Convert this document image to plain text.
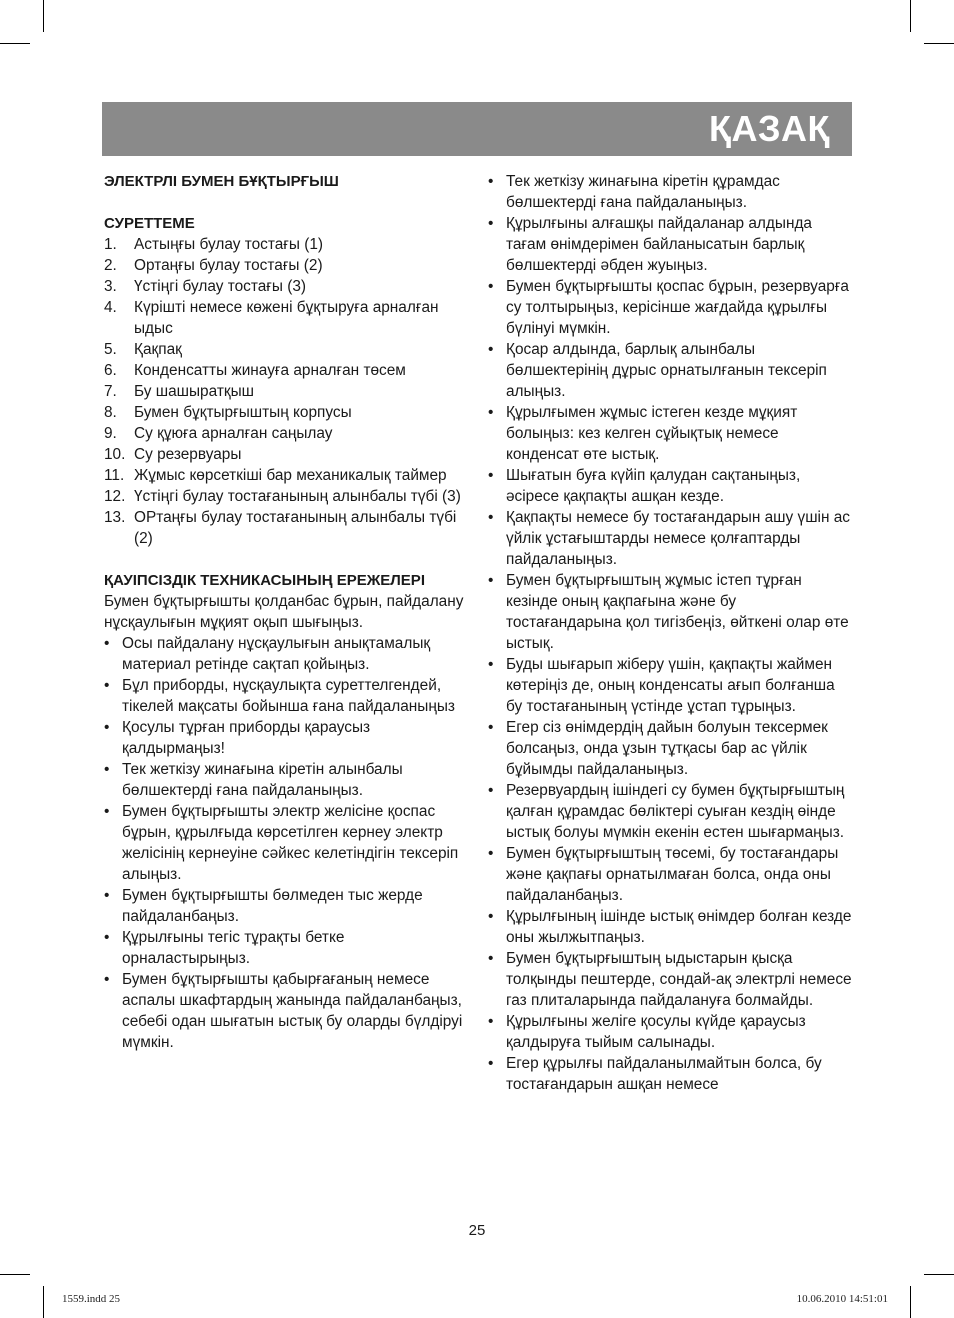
ҚАЗАҚ

ЭЛЕКТРЛІ БУМЕН БҰҚТЫРҒЫШ

СУРЕТТЕМЕ

1. Астыңғы булау тостағы (1)
2. Ортаңғы булау тостағы (2)
3. Үстіңгі булау тостағы (3)
4. Күрішті немесе көжені бұқтыруға арналған ыдыс
5. Қақпақ
6. Конденсатты жинауға арналған төсем
7. Бу шашыратқыш
8. Бумен бұқтырғыштың корпусы
9. Су құюға арналған саңылау
10. Су резервуары
11. Жұмыс көрсеткіші бар механикалық таймер
12. Үстіңгі булау тостағанының алынбалы түбі (3)
13. ОРтаңғы булау тостағанының алынбалы түбі (2)

ҚАУІПСІЗДІК ТЕХНИКАСЫНЫҢ ЕРЕЖЕЛЕРІ

Бумен бұқтырғышты қолданбас бұрын, пайдалану нұсқаулығын мұқият оқып шығыңыз.

• Осы пайдалану нұсқаулығын анықтамалық материал ретінде сақтап қойыңыз.
• Бұл приборды, нұсқаулықта суреттелгендей, тікелей мақсаты бойынша ғана пайдаланыңыз
• Қосулы тұрған приборды қараусыз қалдырмаңыз!
• Тек жеткізу жинағына кіретін алынбалы бөлшектерді ғана пайдаланыңыз.
• Бумен бұқтырғышты электр желісіне қоспас бұрын, құрылғыда көрсетілген кернеу электр желісінің кернеуіне сәйкес келетіндігін тексеріп алыңыз.
• Бумен бұқтырғышты бөлмеден тыс жерде пайдаланбаңыз.
• Құрылғыны тегіс тұрақты бетке орналастырыңыз.
• Бумен бұқтырғышты қабырғағаның немесе аспалы шкафтардың жанында пайдаланбаңыз, себебі одан шығатын ыстық бу оларды бүлдіруі мүмкін.
• Тек жеткізу жинағына кіретін құрамдас бөлшектерді ғана пайдаланыңыз.
• Құрылғыны алғашқы пайдаланар алдында тағам өнімдерімен байланысатын барлық бөлшектерді әбден жуыңыз.
• Бумен бұқтырғышты қоспас бұрын, резервуарға су толтырыңыз, керісінше жағдайда құрылғы бүлінуі мүмкін.
• Қосар алдында, барлық алынбалы бөлшектерінің дұрыс орнатылғанын тексеріп алыңыз.
• Құрылғымен жұмыс істеген кезде мұқият болыңыз: кез келген сұйықтық немесе конденсат өте ыстық.
• Шығатын буға күйіп қалудан сақтаныңыз, әсіресе қақпақты ашқан кезде.
• Қақпақты немесе бу тостағандарын ашу үшін ас үйлік ұстағыштарды немесе қолғаптарды пайдаланыңыз.
• Бумен бұқтырғыштың жұмыс істеп тұрған кезінде оның қақпағына және бу тостағандарына қол тигізбеңіз, өйткені олар өте ыстық.
• Буды шығарып жіберу үшін, қақпақты жаймен көтеріңіз де, оның конденсаты ағып болғанша бу тостағанының үстінде ұстап тұрыңыз.
• Егер сіз өнімдердің дайын болуын тексермек болсаңыз, онда ұзын тұтқасы бар ас үйлік бұйымды пайдаланыңыз.
• Резервуардың ішіндегі су бумен бұқтырғыштың қалған құрамдас бөліктері суыған кездің өінде ыстық болуы мүмкін екенін естен шығармаңыз.
• Бумен бұқтырғыштың төсемі, бу тостағандары және қақпағы орнатылмаған болса, онда оны пайдаланбаңыз.
• Құрылғының ішінде ыстық өнімдер болған кезде оны жылжытпаңыз.
• Бумен бұқтырғыштың ыдыстарын қысқа толқынды пештерде, сондай-ақ электрлі немесе газ плиталарында пайдалануға болмайды.
• Құрылғыны желіге қосулы күйде қараусыз қалдыруға тыйым салынады.
• Егер құрылғы пайдаланылмайтын болса, бу тостағандарын ашқан немесе
25
1559.indd 25	10.06.2010 14:51:01
